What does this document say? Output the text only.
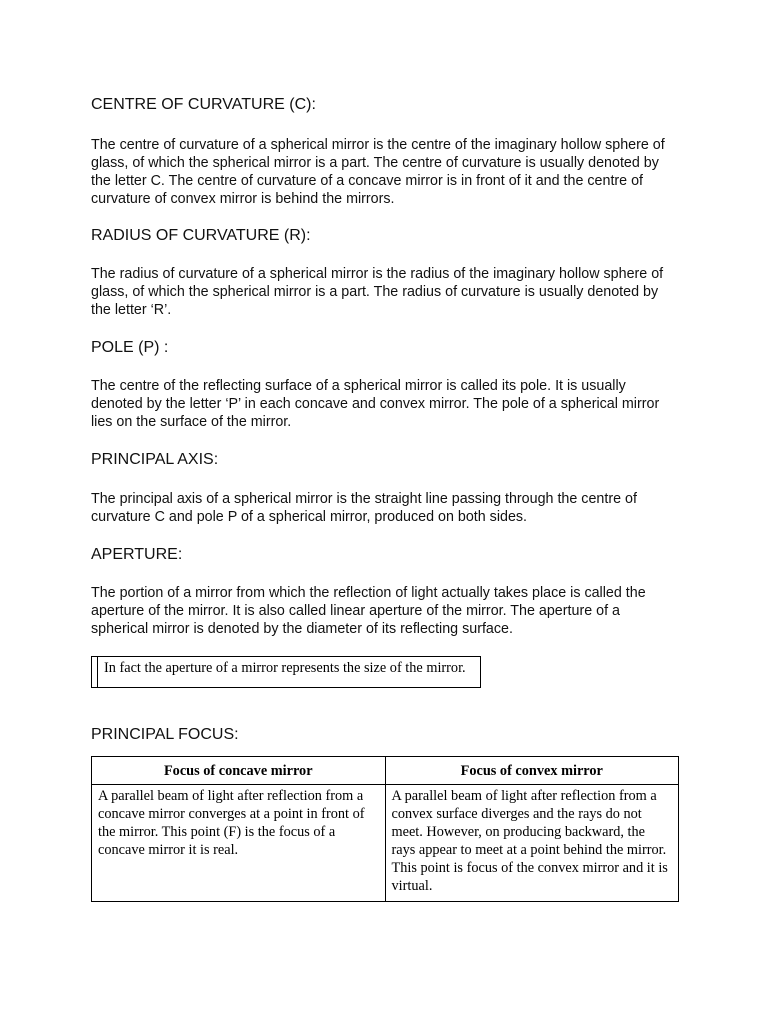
CENTRE OF CURVATURE (C):

The centre of curvature of a spherical mirror is the centre of the imaginary hollow sphere of glass, of which the spherical mirror is a part. The centre of curvature is usually denoted by the letter C. The centre of curvature of a concave mirror is in front of it and the centre of curvature of convex mirror is behind the mirrors.

RADIUS OF CURVATURE (R):

The radius of curvature of a spherical mirror is the radius of the imaginary hollow sphere of glass, of which the spherical mirror is a part. The radius of curvature is usually denoted by the letter ‘R’.

POLE (P) :

The centre of the reflecting surface of a spherical mirror is called its pole. It is usually denoted by the letter ‘P’ in each concave and convex mirror. The pole of a spherical mirror lies on the surface of the mirror.

PRINCIPAL AXIS:

The principal axis of a spherical mirror is the straight line passing through the centre of curvature C and pole P of a spherical mirror, produced on both sides.

APERTURE:

The portion of a mirror from which the reflection of light actually takes place is called the aperture of the mirror. It is also called linear aperture of the mirror. The aperture of a spherical mirror is denoted by the diameter of its reflecting surface.

In fact the aperture of a mirror represents the size of the mirror.
PRINCIPAL FOCUS:
Focus of concave mirror	Focus of convex mirror
A parallel beam of light after reflection from a concave mirror converges at a point in front of the mirror. This point (F) is the focus of a concave mirror it is real.	A parallel beam of light after reflection from a convex surface diverges and the rays do not meet. However, on producing backward, the rays appear to meet at a point behind the mirror. This point is focus of the convex mirror and it is virtual.
